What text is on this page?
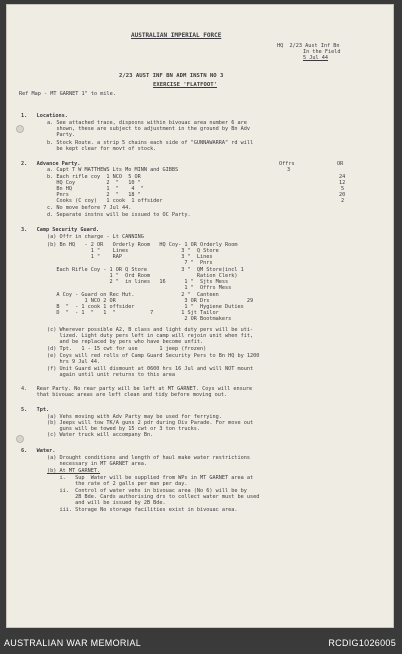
AUSTRALIAN IMPERIAL FORCE
HQ  2/23 Aust Inf Bn
In the Field
5 Jul 44
2/23 AUST INF BN ADM INSTN NO 3
EXERCISE 'FLATFOOT'
Ref Map - MT GARNET 1" to mile.
1.   Locations.
a. See attached trace, disposns within bivouac area number 6 are
shown, these are subject to adjustment in the ground by Bn Adv
Party.
b. Stock Route. a strip 5 chains each side of "GUNNAWARRA" rd will
be kept clear for movt of stock.
2.   Advance Party.	Offrs	OR
a. Capt T W MATTHEWS Lts Mo MINN and GIBBS	3
b. Each rifle coy  1 NCO  5 OR	24
HQ Coy          2  "   10 "	12
Bn HQ           1  "    4  "	5
Pnrs            2  "   18 "	20
Cooks (C coy)   1 cook  1 offsider	2
c. No move before 7 Jul 44.
d. Separate instns will be issued to OC Party.
3.   Camp Security Guard.
(a) Offr in charge - Lt CANNING
(b) Bn HQ   - 2 OR   Orderly Room   HQ Coy- 1 OR Orderly Room
1 "    Lines                 3 "  Q Store
1 "    RAP                   3 "  Lines
7 "  Pnrs
Each Rifle Coy - 1 OR Q Store           3 "  QM Store(incl 1
1 "  Ord Room               Ration Clerk)
2 "  in lines   16      1 "  Sjts Mess
1 "  Offrs Mess
A Coy - Guard on Rec Hut.               2 "  Canteen
1 NCO 2 OR                      3 OR Drs            29
B  "  - 1 cook 1 offsider                1 "  Hygiene Duties
D  "  - 1  "   1  "           7         1 Sjt Tailor
2 OR Bootmakers
(c) Wherever possible A2, B class and light duty pers will be uti-
lized. Light duty pers left in camp will rejoin unit when fit,
and be replaced by pers who have become unfit.
(d) Tpt.   1 - 15 cwt for use       1 jeep (frozen)
(e) Coys will red rolls of Camp Guard Security Pers to Bn HQ by 1200
hrs 9 Jul 44.
(f) Unit Guard will dismount at 0600 hrs 16 Jul and will NOT mount
again until unit returns to this area
4.   Rear Party. No rear party will be left at MT GARNET. Coys will ensure
that bivouac areas are left clean and tidy before moving out.
5.   Tpt.
(a) Vehs moving with Adv Party may be used for ferrying.
(b) Jeeps will tow TK/A guns 2 pdr during Div Parade. For move out
guns will be towed by 15 cwt or 3 ton trucks.
(c) Water truck will accompany Bn.
6.   Water.
(a) Drought conditions and length of haul make water restrictions
necessary in MT GARNET area.
(b) At MT GARNET.
i.   Sup  Water will be supplied from WPs in MT GARNET area at
the rate of 2 galls per man per day.
ii.  Control of water vehs in bivouac area (No 6) will be by
2B Bde. Cards authorising drs to collect water must be used
and will be issued by 2B Bde.
iii. Storage No storage facilities exist in bivouac area.
AUSTRALIAN WAR MEMORIAL	RCDIG1026005
